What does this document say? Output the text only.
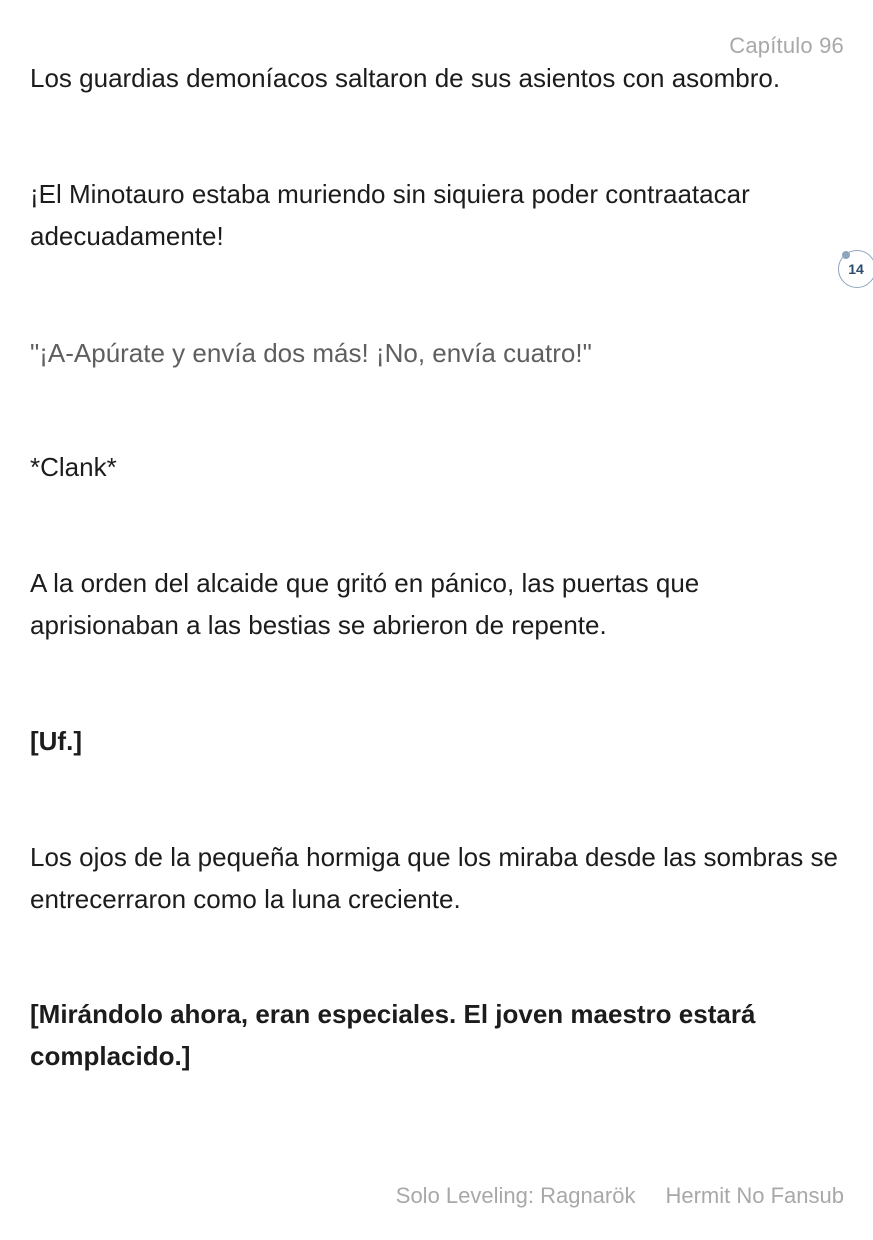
Capítulo 96

Los guardias demoníacos saltaron de sus asientos con asombro.

¡El Minotauro estaba muriendo sin siquiera poder contraatacar adecuadamente!

"¡A-Apúrate y envía dos más! ¡No, envía cuatro!"

*Clank*

A la orden del alcaide que gritó en pánico, las puertas que aprisionaban a las bestias se abrieron de repente.

[Uf.]

Los ojos de la pequeña hormiga que los miraba desde las sombras se entrecerraron como la luna creciente.

[Mirándolo ahora, eran especiales. El joven maestro estará complacido.]

14
Solo Leveling: Ragnarök Hermit No Fansub
